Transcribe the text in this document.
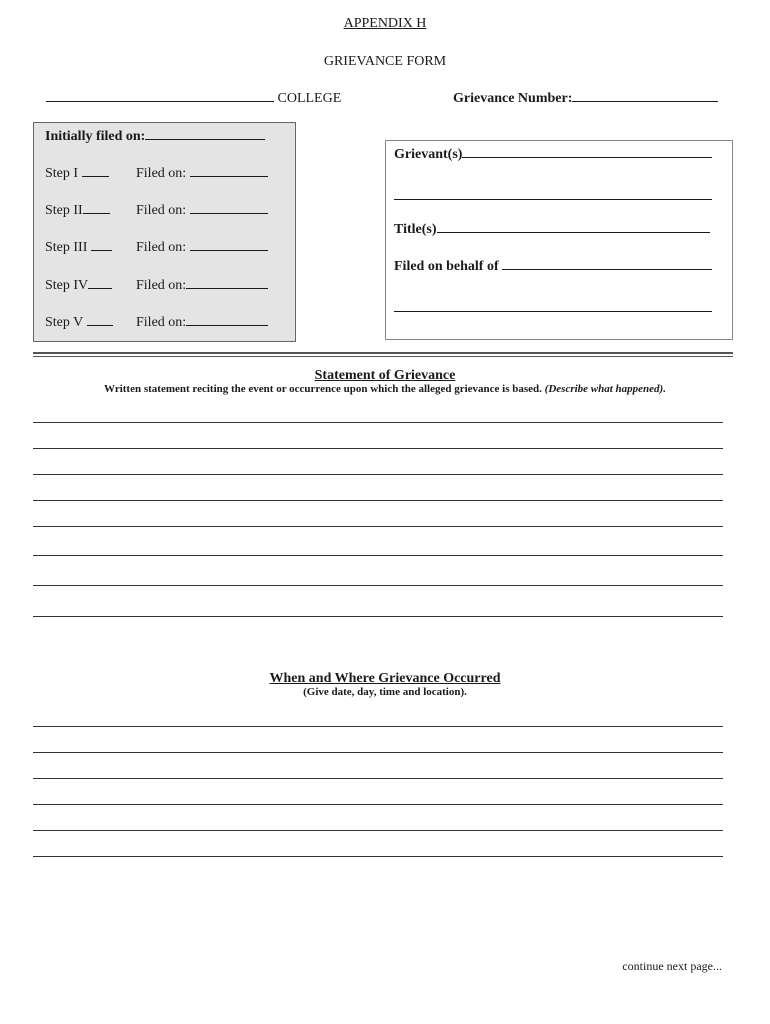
APPENDIX H
GRIEVANCE FORM
COLLEGE	Grievance Number:
Initially filed on:
Step I	Filed on:
Step II	Filed on:
Step III	Filed on:
Step IV	Filed on:
Step V	Filed on:
Grievant(s)
Title(s)
Filed on behalf of
Statement of Grievance
Written statement reciting the event or occurrence upon which the alleged grievance is based. (Describe what happened).
When and Where Grievance Occurred
(Give date, day, time and location).
continue next page...
